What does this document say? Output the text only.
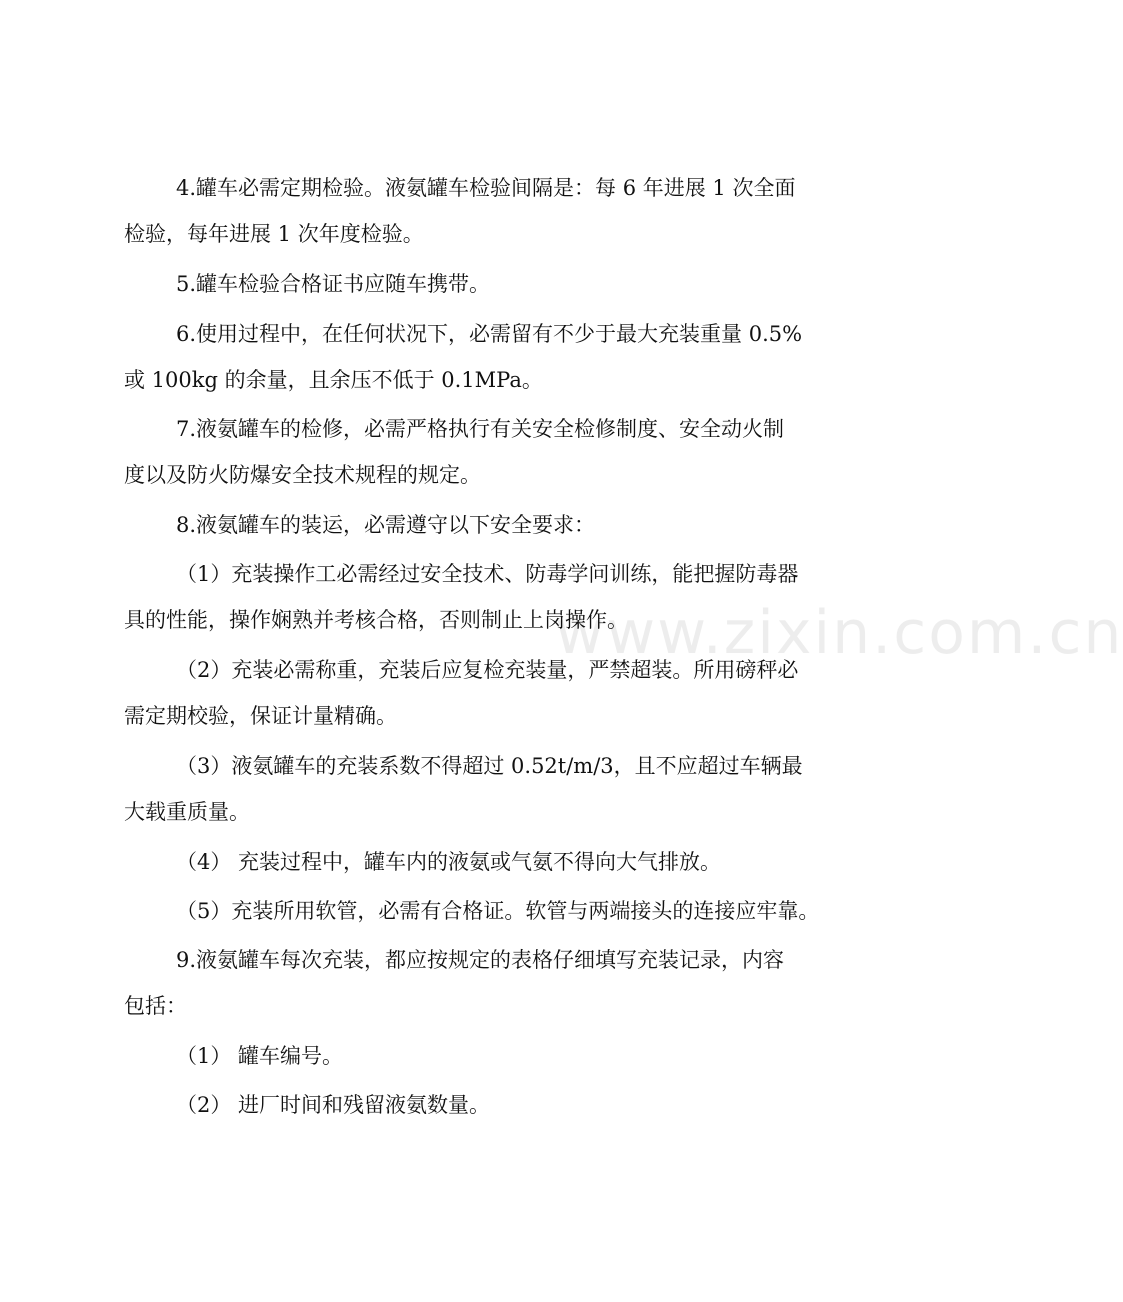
4.罐车必需定期检验。液氨罐车检验间隔是：每 6 年进展 1 次全面
检验，每年进展 1 次年度检验。
5.罐车检验合格证书应随车携带。
6.使用过程中，在任何状况下，必需留有不少于最大充装重量 0.5%
或 100kg 的余量，且余压不低于 0.1MPa。
7.液氨罐车的检修，必需严格执行有关安全检修制度、安全动火制
度以及防火防爆安全技术规程的规定。
8.液氨罐车的装运，必需遵守以下安全要求：
（1）充装操作工必需经过安全技术、防毒学问训练，能把握防毒器
具的性能，操作娴熟并考核合格，否则制止上岗操作。
（2）充装必需称重，充装后应复检充装量，严禁超装。所用磅秤必
需定期校验，保证计量精确。
（3）液氨罐车的充装系数不得超过 0.52t/m/3，且不应超过车辆最
大载重质量。
（4） 充装过程中，罐车内的液氨或气氨不得向大气排放。
（5）充装所用软管，必需有合格证。软管与两端接头的连接应牢靠。
9.液氨罐车每次充装，都应按规定的表格仔细填写充装记录，内容
包括：
（1） 罐车编号。
（2） 进厂时间和残留液氨数量。
www.zixin.com.cn
